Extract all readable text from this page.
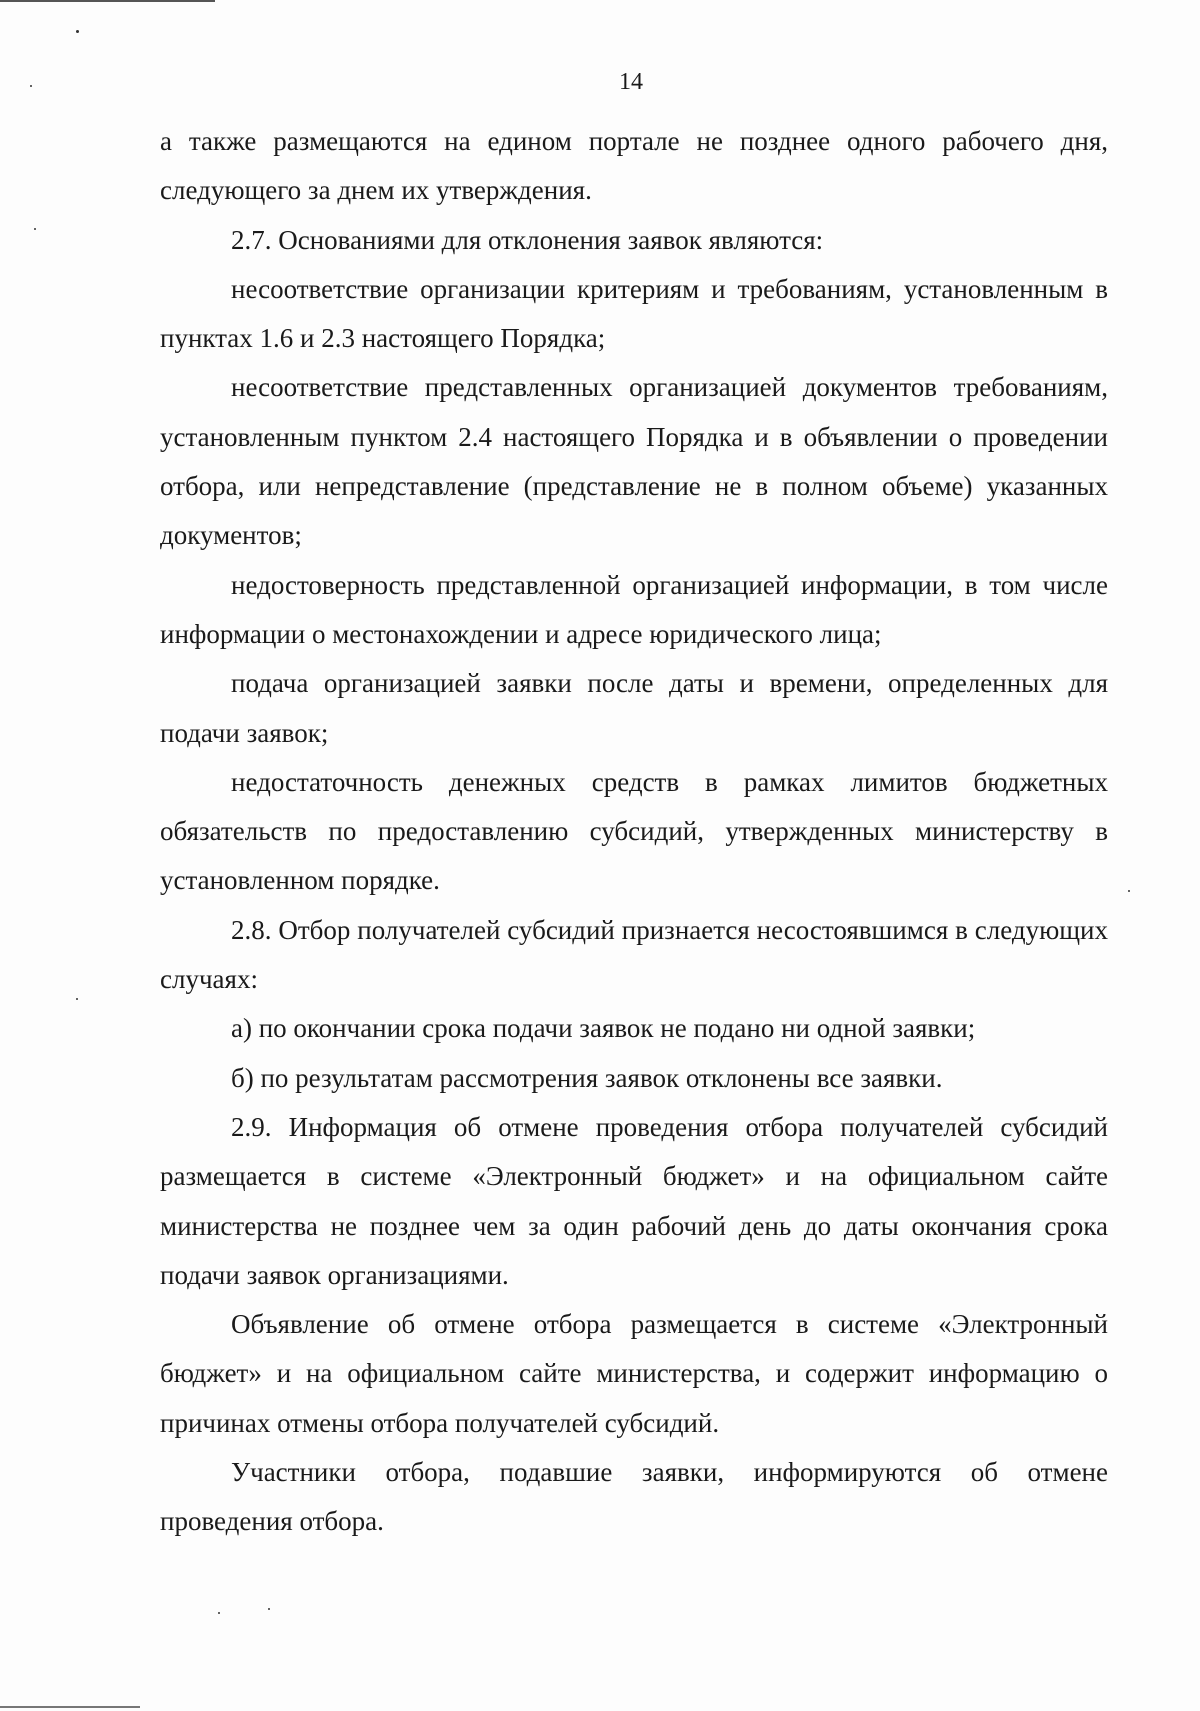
14

а также размещаются на едином портале не позднее одного рабочего дня, следующего за днем их утверждения.

2.7. Основаниями для отклонения заявок являются:

несоответствие организации критериям и требованиям, установленным в пунктах 1.6 и 2.3 настоящего Порядка;

несоответствие представленных организацией документов требованиям, установленным пунктом 2.4 настоящего Порядка и в объявлении о проведении отбора, или непредставление (представление не в полном объеме) указанных документов;

недостоверность представленной организацией информации, в том числе информации о местонахождении и адресе юридического лица;

подача организацией заявки после даты и времени, определенных для подачи заявок;

недостаточность денежных средств в рамках лимитов бюджетных обязательств по предоставлению субсидий, утвержденных министерству в установленном порядке.

2.8. Отбор получателей субсидий признается несостоявшимся в следующих случаях:

а) по окончании срока подачи заявок не подано ни одной заявки;

б) по результатам рассмотрения заявок отклонены все заявки.

2.9. Информация об отмене проведения отбора получателей субсидий размещается в системе «Электронный бюджет» и на официальном сайте министерства не позднее чем за один рабочий день до даты окончания срока подачи заявок организациями.

Объявление об отмене отбора размещается в системе «Электронный бюджет» и на официальном сайте министерства, и содержит информацию о причинах отмены отбора получателей субсидий.

Участники отбора, подавшие заявки, информируются об отмене проведения отбора.
